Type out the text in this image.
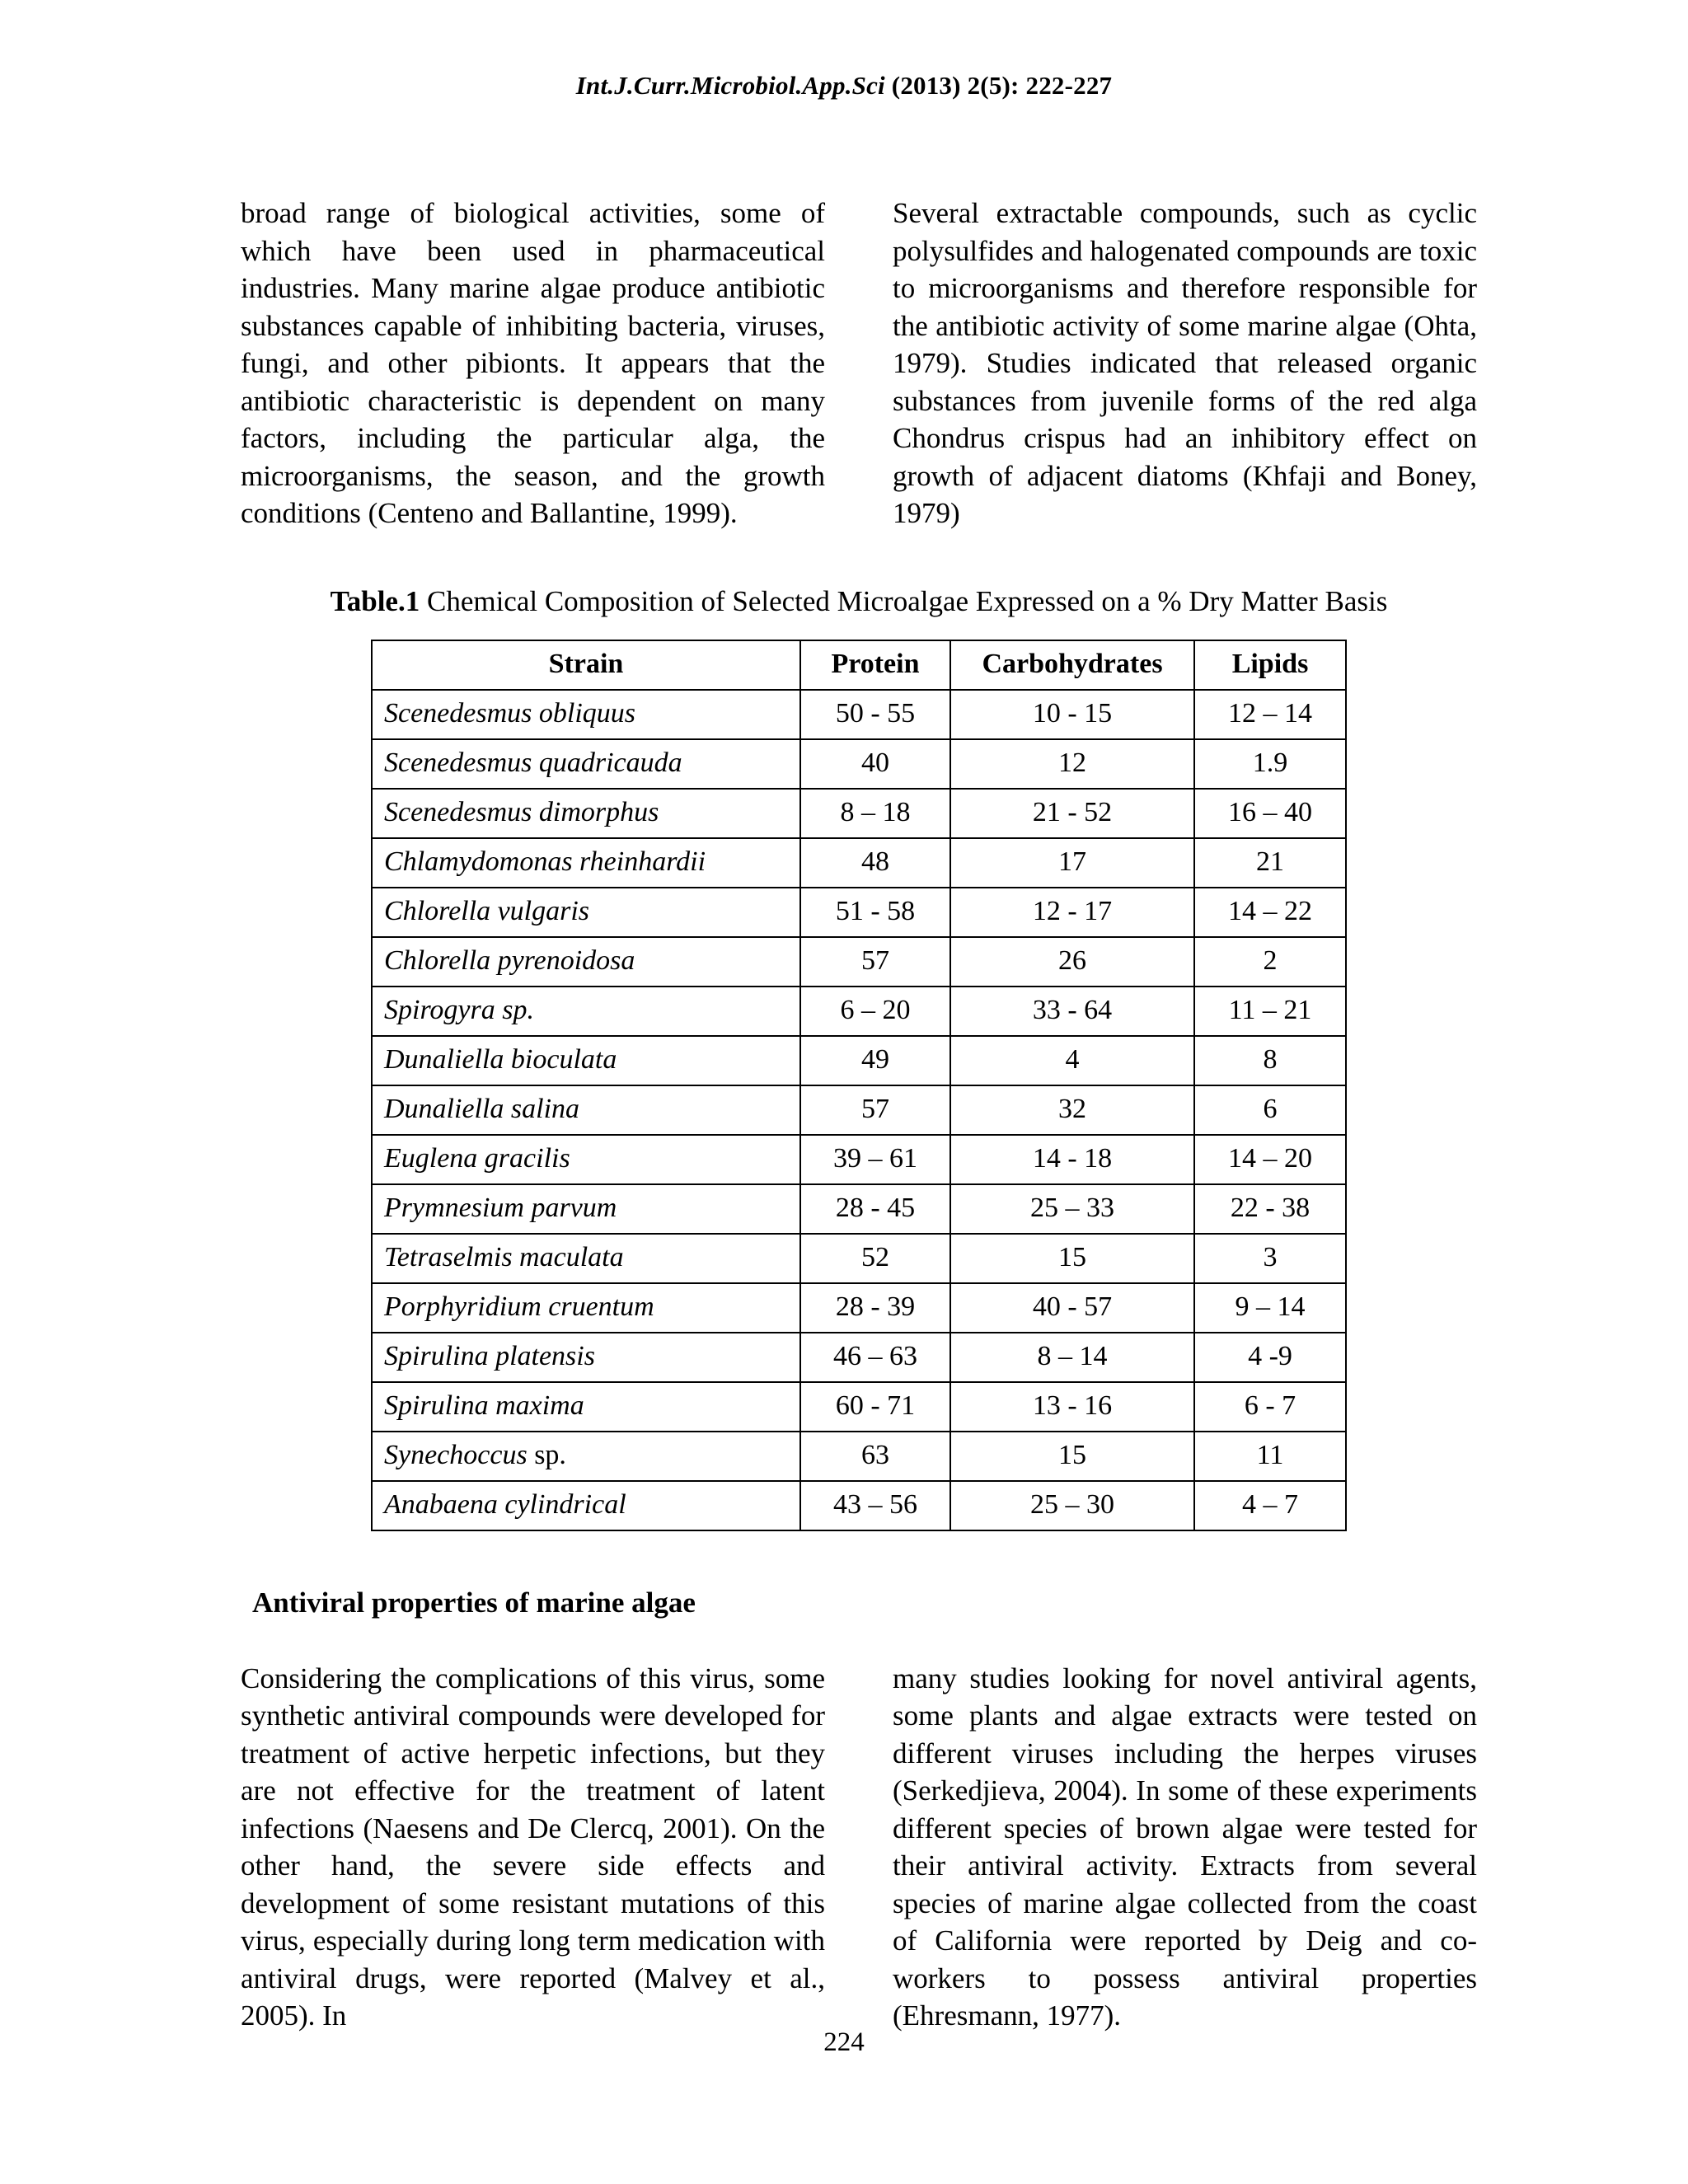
Int.J.Curr.Microbiol.App.Sci (2013) 2(5): 222-227

broad range of biological activities, some of which have been used in pharmaceutical industries. Many marine algae produce antibiotic substances capable of inhibiting bacteria, viruses, fungi, and other pibionts. It appears that the antibiotic characteristic is dependent on many factors, including the particular alga, the microorganisms, the season, and the growth conditions (Centeno and Ballantine, 1999).

Several extractable compounds, such as cyclic polysulfides and halogenated compounds are toxic to microorganisms and therefore responsible for the antibiotic activity of some marine algae (Ohta, 1979). Studies indicated that released organic substances from juvenile forms of the red alga Chondrus crispus had an inhibitory effect on growth of adjacent diatoms (Khfaji and Boney, 1979)

Table.1 Chemical Composition of Selected Microalgae Expressed on a % Dry Matter Basis
Strain	Protein	Carbohydrates	Lipids
Scenedesmus obliquus	50 - 55	10 - 15	12 – 14
Scenedesmus quadricauda	40	12	1.9
Scenedesmus dimorphus	8 – 18	21 - 52	16 – 40
Chlamydomonas rheinhardii	48	17	21
Chlorella vulgaris	51 - 58	12 - 17	14 – 22
Chlorella pyrenoidosa	57	26	2
Spirogyra sp.	6 – 20	33 - 64	11 – 21
Dunaliella bioculata	49	4	8
Dunaliella salina	57	32	6
Euglena gracilis	39 – 61	14 - 18	14 – 20
Prymnesium parvum	28 - 45	25 – 33	22 - 38
Tetraselmis maculata	52	15	3
Porphyridium cruentum	28 - 39	40 - 57	9 – 14
Spirulina platensis	46 – 63	8 – 14	4 -9
Spirulina maxima	60 - 71	13 - 16	6 - 7
Synechoccus sp.	63	15	11
Anabaena cylindrical	43 – 56	25 – 30	4 – 7
Antiviral properties of marine algae

Considering the complications of this virus, some synthetic antiviral compounds were developed for treatment of active herpetic infections, but they are not effective for the treatment of latent infections (Naesens and De Clercq, 2001). On the other hand, the severe side effects and development of some resistant mutations of this virus, especially during long term medication with antiviral drugs, were reported (Malvey et al., 2005). In

many studies looking for novel antiviral agents, some plants and algae extracts were tested on different viruses including the herpes viruses (Serkedjieva, 2004). In some of these experiments different species of brown algae were tested for their antiviral activity. Extracts from several species of marine algae collected from the coast of California were reported by Deig and co-workers to possess antiviral properties (Ehresmann, 1977).

224
